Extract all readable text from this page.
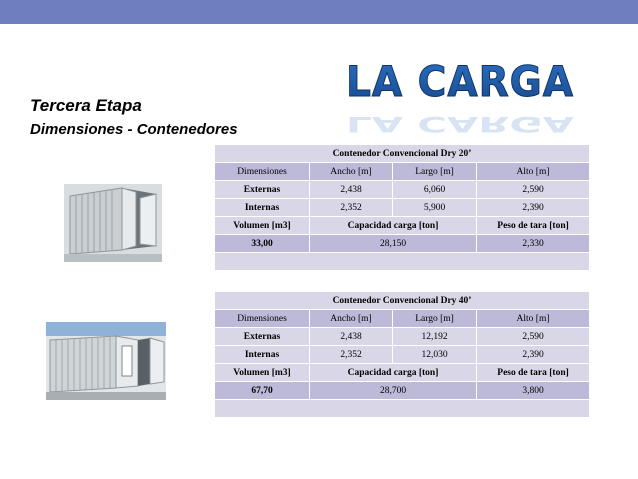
Tercera Etapa
Dimensiones - Contenedores
LA CARGA
LA CARGA
Contenedor Convencional Dry 20’			
Dimensiones	Ancho [m]	Largo [m]	Alto [m]
Externas	2,438	6,060	2,590
Internas	2,352	5,900	2,390
Volumen [m3]	Capacidad carga [ton]		Peso de tara [ton]
33,00	28,150		2,330

Contenedor Convencional Dry 40’			
Dimensiones	Ancho [m]	Largo [m]	Alto [m]
Externas	2,438	12,192	2,590
Internas	2,352	12,030	2,390
Volumen [m3]	Capacidad carga [ton]		Peso de tara [ton]
67,70	28,700		3,800
